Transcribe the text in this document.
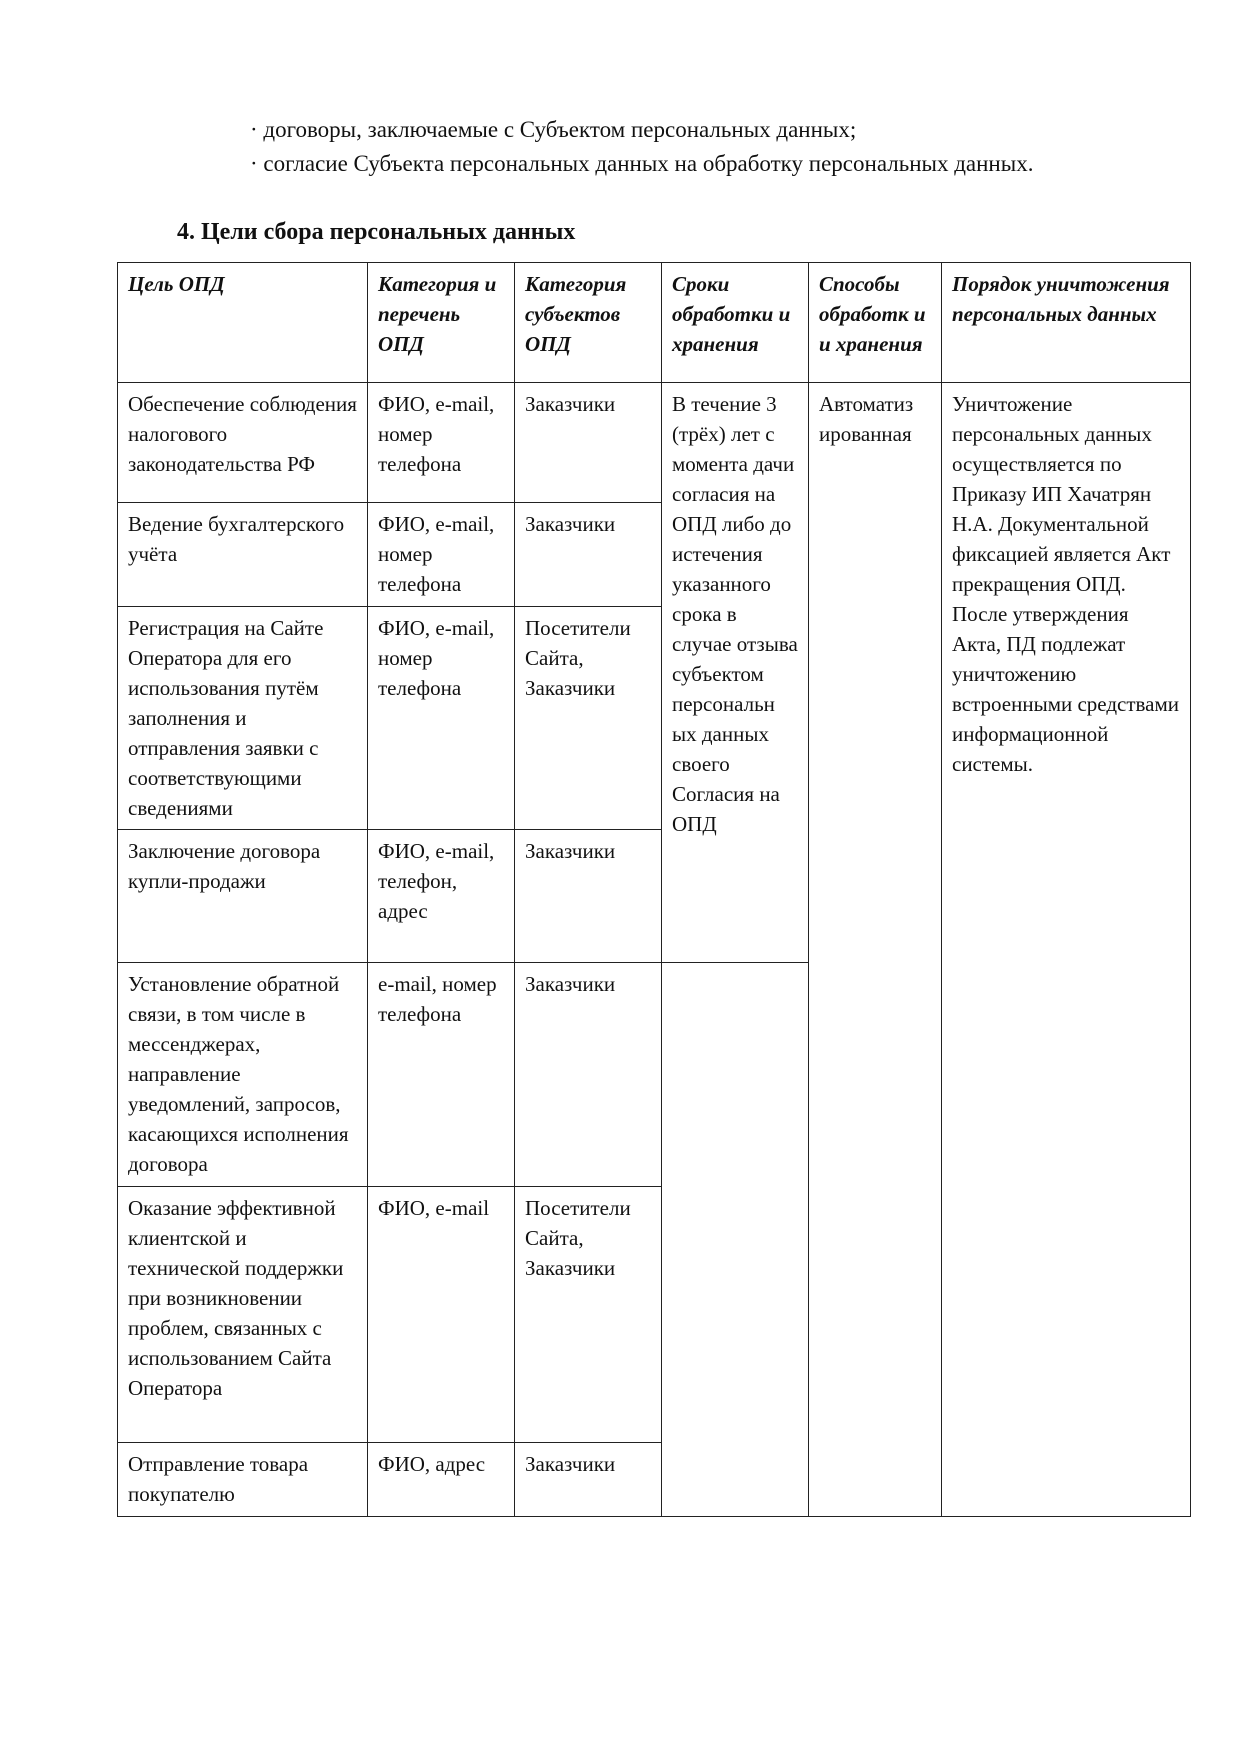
· договоры, заключаемые с Субъектом персональных данных;
· согласие Субъекта персональных данных на обработку персональных данных.
4. Цели сбора персональных данных
Цель ОПД	Категория и перечень ОПД	Категория субъектов ОПД	Сроки обработки и хранения	Способы обработк и и хранения	Порядок уничтожения персональных данных
Обеспечение соблюдения налогового законодательства РФ	ФИО, e-mail, номер телефона	Заказчики	В течение 3 (трёх) лет с момента дачи согласия на ОПД либо до истечения указанного срока в случае отзыва субъектом персональн ых данных своего Согласия на ОПД	Автоматиз ированная	Уничтожение персональных данных осуществляется по Приказу ИП Хачатрян Н.А. Документальной фиксацией является Акт прекращения ОПД. После утверждения Акта, ПД подлежат уничтожению встроенными средствами информационной системы.
Ведение бухгалтерского учёта	ФИО, e-mail, номер телефона	Заказчики			
Регистрация на Сайте Оператора для его использования путём заполнения и отправления заявки с соответствующими сведениями	ФИО, e-mail, номер телефона	Посетители Сайта, Заказчики			
Заключение договора купли-продажи	ФИО, e-mail, телефон, адрес	Заказчики			
Установление обратной связи, в том числе в мессенджерах, направление уведомлений, запросов, касающихся исполнения договора	e-mail, номер телефона	Заказчики			
Оказание эффективной клиентской и технической поддержки при возникновении проблем, связанных с использованием Сайта Оператора	ФИО, e-mail	Посетители Сайта, Заказчики			
Отправление товара покупателю	ФИО, адрес	Заказчики			
